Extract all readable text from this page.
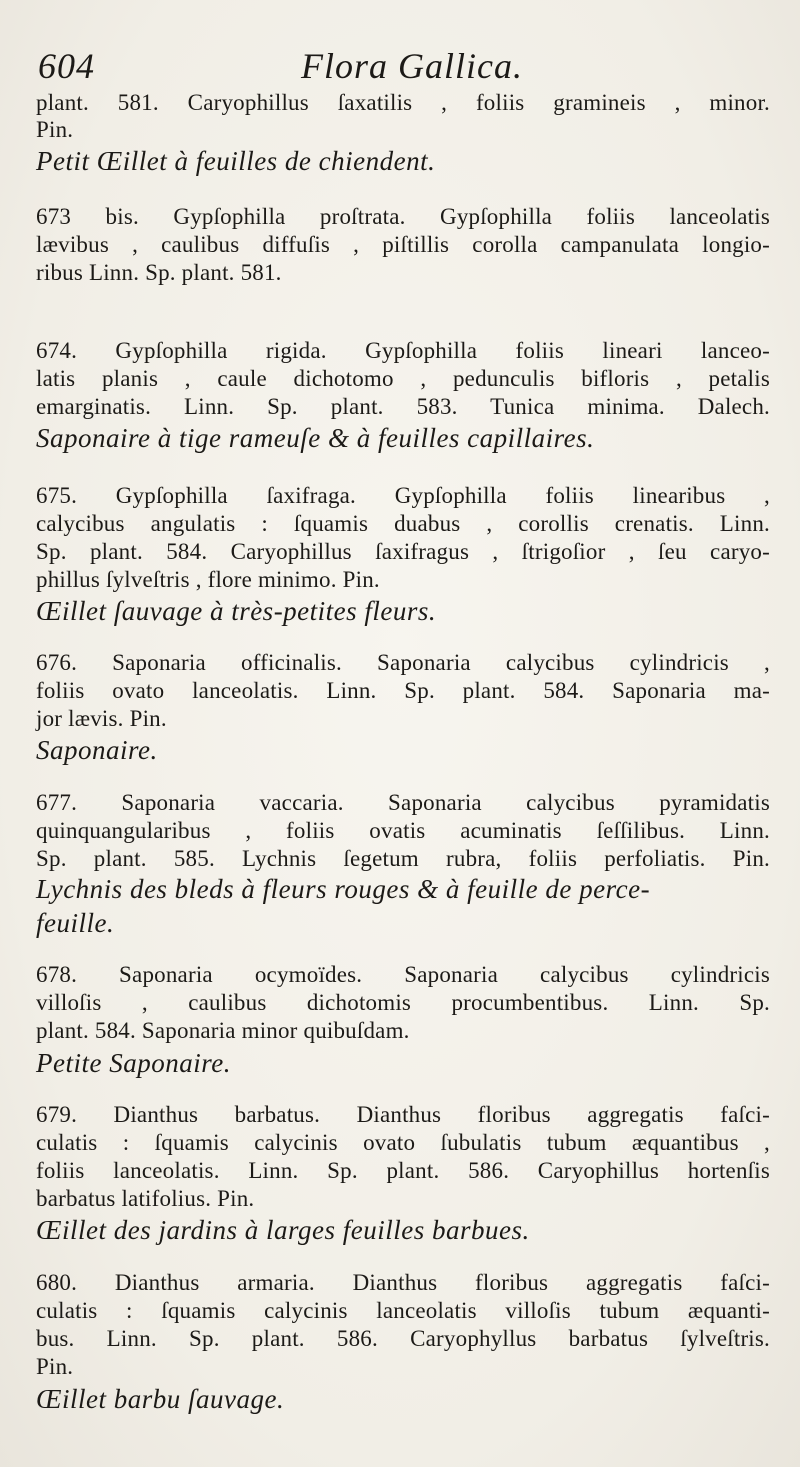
604	Flora Gallica.
plant. 581. Caryophillus ſaxatilis , foliis gramineis , minor.
Pin.
Petit Œillet à feuilles de chiendent.
673 bis. Gypſophilla proſtrata. Gypſophilla foliis lanceolatis
lævibus , caulibus diffuſis , piſtillis corolla campanulata longio-
ribus Linn. Sp. plant. 581.
674. Gypſophilla rigida. Gypſophilla foliis lineari lanceo-
latis planis , caule dichotomo , pedunculis bifloris , petalis
emarginatis. Linn. Sp. plant. 583. Tunica minima. Dalech.
Saponaire à tige rameuſe & à feuilles capillaires.
675. Gypſophilla ſaxifraga. Gypſophilla foliis linearibus ,
calycibus angulatis : ſquamis duabus , corollis crenatis. Linn.
Sp. plant. 584. Caryophillus ſaxifragus , ſtrigoſior , ſeu caryo-
phillus ſylveſtris , flore minimo. Pin.
Œillet ſauvage à très-petites fleurs.
676. Saponaria officinalis. Saponaria calycibus cylindricis ,
foliis ovato lanceolatis. Linn. Sp. plant. 584. Saponaria ma-
jor lævis. Pin.
Saponaire.
677. Saponaria vaccaria. Saponaria calycibus pyramidatis
quinquangularibus , foliis ovatis acuminatis ſeſſilibus. Linn.
Sp. plant. 585. Lychnis ſegetum rubra, foliis perfoliatis. Pin.
Lychnis des bleds à fleurs rouges & à feuille de perce-
feuille.
678. Saponaria ocymoïdes. Saponaria calycibus cylindricis
villoſis , caulibus dichotomis procumbentibus. Linn. Sp.
plant. 584. Saponaria minor quibuſdam.
Petite Saponaire.
679. Dianthus barbatus. Dianthus floribus aggregatis faſci-
culatis : ſquamis calycinis ovato ſubulatis tubum æquantibus ,
foliis lanceolatis. Linn. Sp. plant. 586. Caryophillus hortenſis
barbatus latifolius. Pin.
Œillet des jardins à larges feuilles barbues.
680. Dianthus armaria. Dianthus floribus aggregatis faſci-
culatis : ſquamis calycinis lanceolatis villoſis tubum æquanti-
bus. Linn. Sp. plant. 586. Caryophyllus barbatus ſylveſtris.
Pin.
Œillet barbu ſauvage.
